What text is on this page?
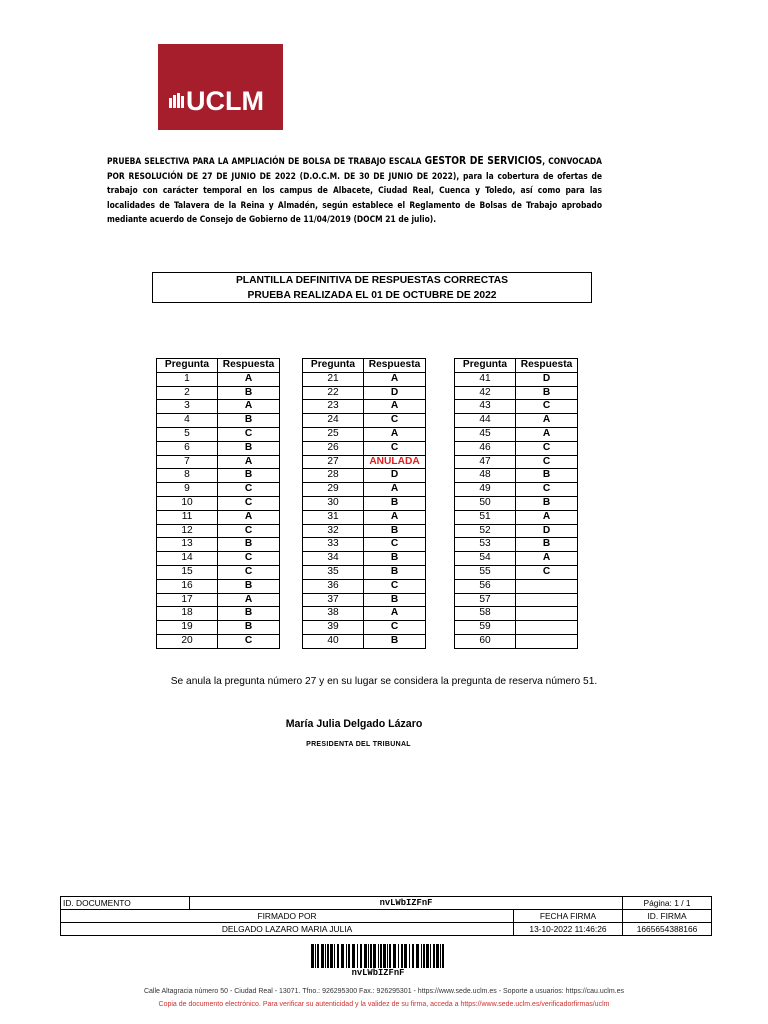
UCLM
PRUEBA SELECTIVA PARA LA AMPLIACIÓN DE BOLSA DE TRABAJO ESCALA GESTOR DE SERVICIOS, CONVOCADA POR RESOLUCIÓN DE 27 DE JUNIO DE 2022 (D.O.C.M. DE 30 DE JUNIO DE 2022), para la cobertura de ofertas de trabajo con carácter temporal en los campus de Albacete, Ciudad Real, Cuenca y Toledo, así como para las localidades de Talavera de la Reina y Almadén, según establece el Reglamento de Bolsas de Trabajo aprobado mediante acuerdo de Consejo de Gobierno de 11/04/2019 (DOCM 21 de julio).
PLANTILLA DEFINITIVA DE RESPUESTAS CORRECTAS
PRUEBA REALIZADA EL 01 DE OCTUBRE DE 2022
Pregunta	Respuesta
1	A
2	B
3	A
4	B
5	C
6	B
7	A
8	B
9	C
10	C
11	A
12	C
13	B
14	C
15	C
16	B
17	A
18	B
19	B
20	C
Pregunta	Respuesta
21	A
22	D
23	A
24	C
25	A
26	C
27	ANULADA
28	D
29	A
30	B
31	A
32	B
33	C
34	B
35	B
36	C
37	B
38	A
39	C
40	B
Pregunta	Respuesta
41	D
42	B
43	C
44	A
45	A
46	C
47	C
48	B
49	C
50	B
51	A
52	D
53	B
54	A
55	C
56	
57	
58	
59	
60	
Se anula la pregunta número 27 y en su lugar se considera la pregunta de reserva número 51.
María Julia Delgado Lázaro
PRESIDENTA DEL TRIBUNAL
ID. DOCUMENTO	nvLWbIZFnF		Página: 1 / 1
FIRMADO POR		FECHA FIRMA	ID. FIRMA
DELGADO LAZARO MARIA JULIA		13-10-2022 11:46:26	1665654388166
nvLWbIZFnF
Calle Altagracia número 50 - Ciudad Real - 13071. Tfno.: 926295300 Fax.: 926295301 - https://www.sede.uclm.es - Soporte a usuarios: https://cau.uclm.es
Copia de documento electrónico. Para verificar su autenticidad y la validez de su firma, acceda a https://www.sede.uclm.es/verificadorfirmas/uclm
